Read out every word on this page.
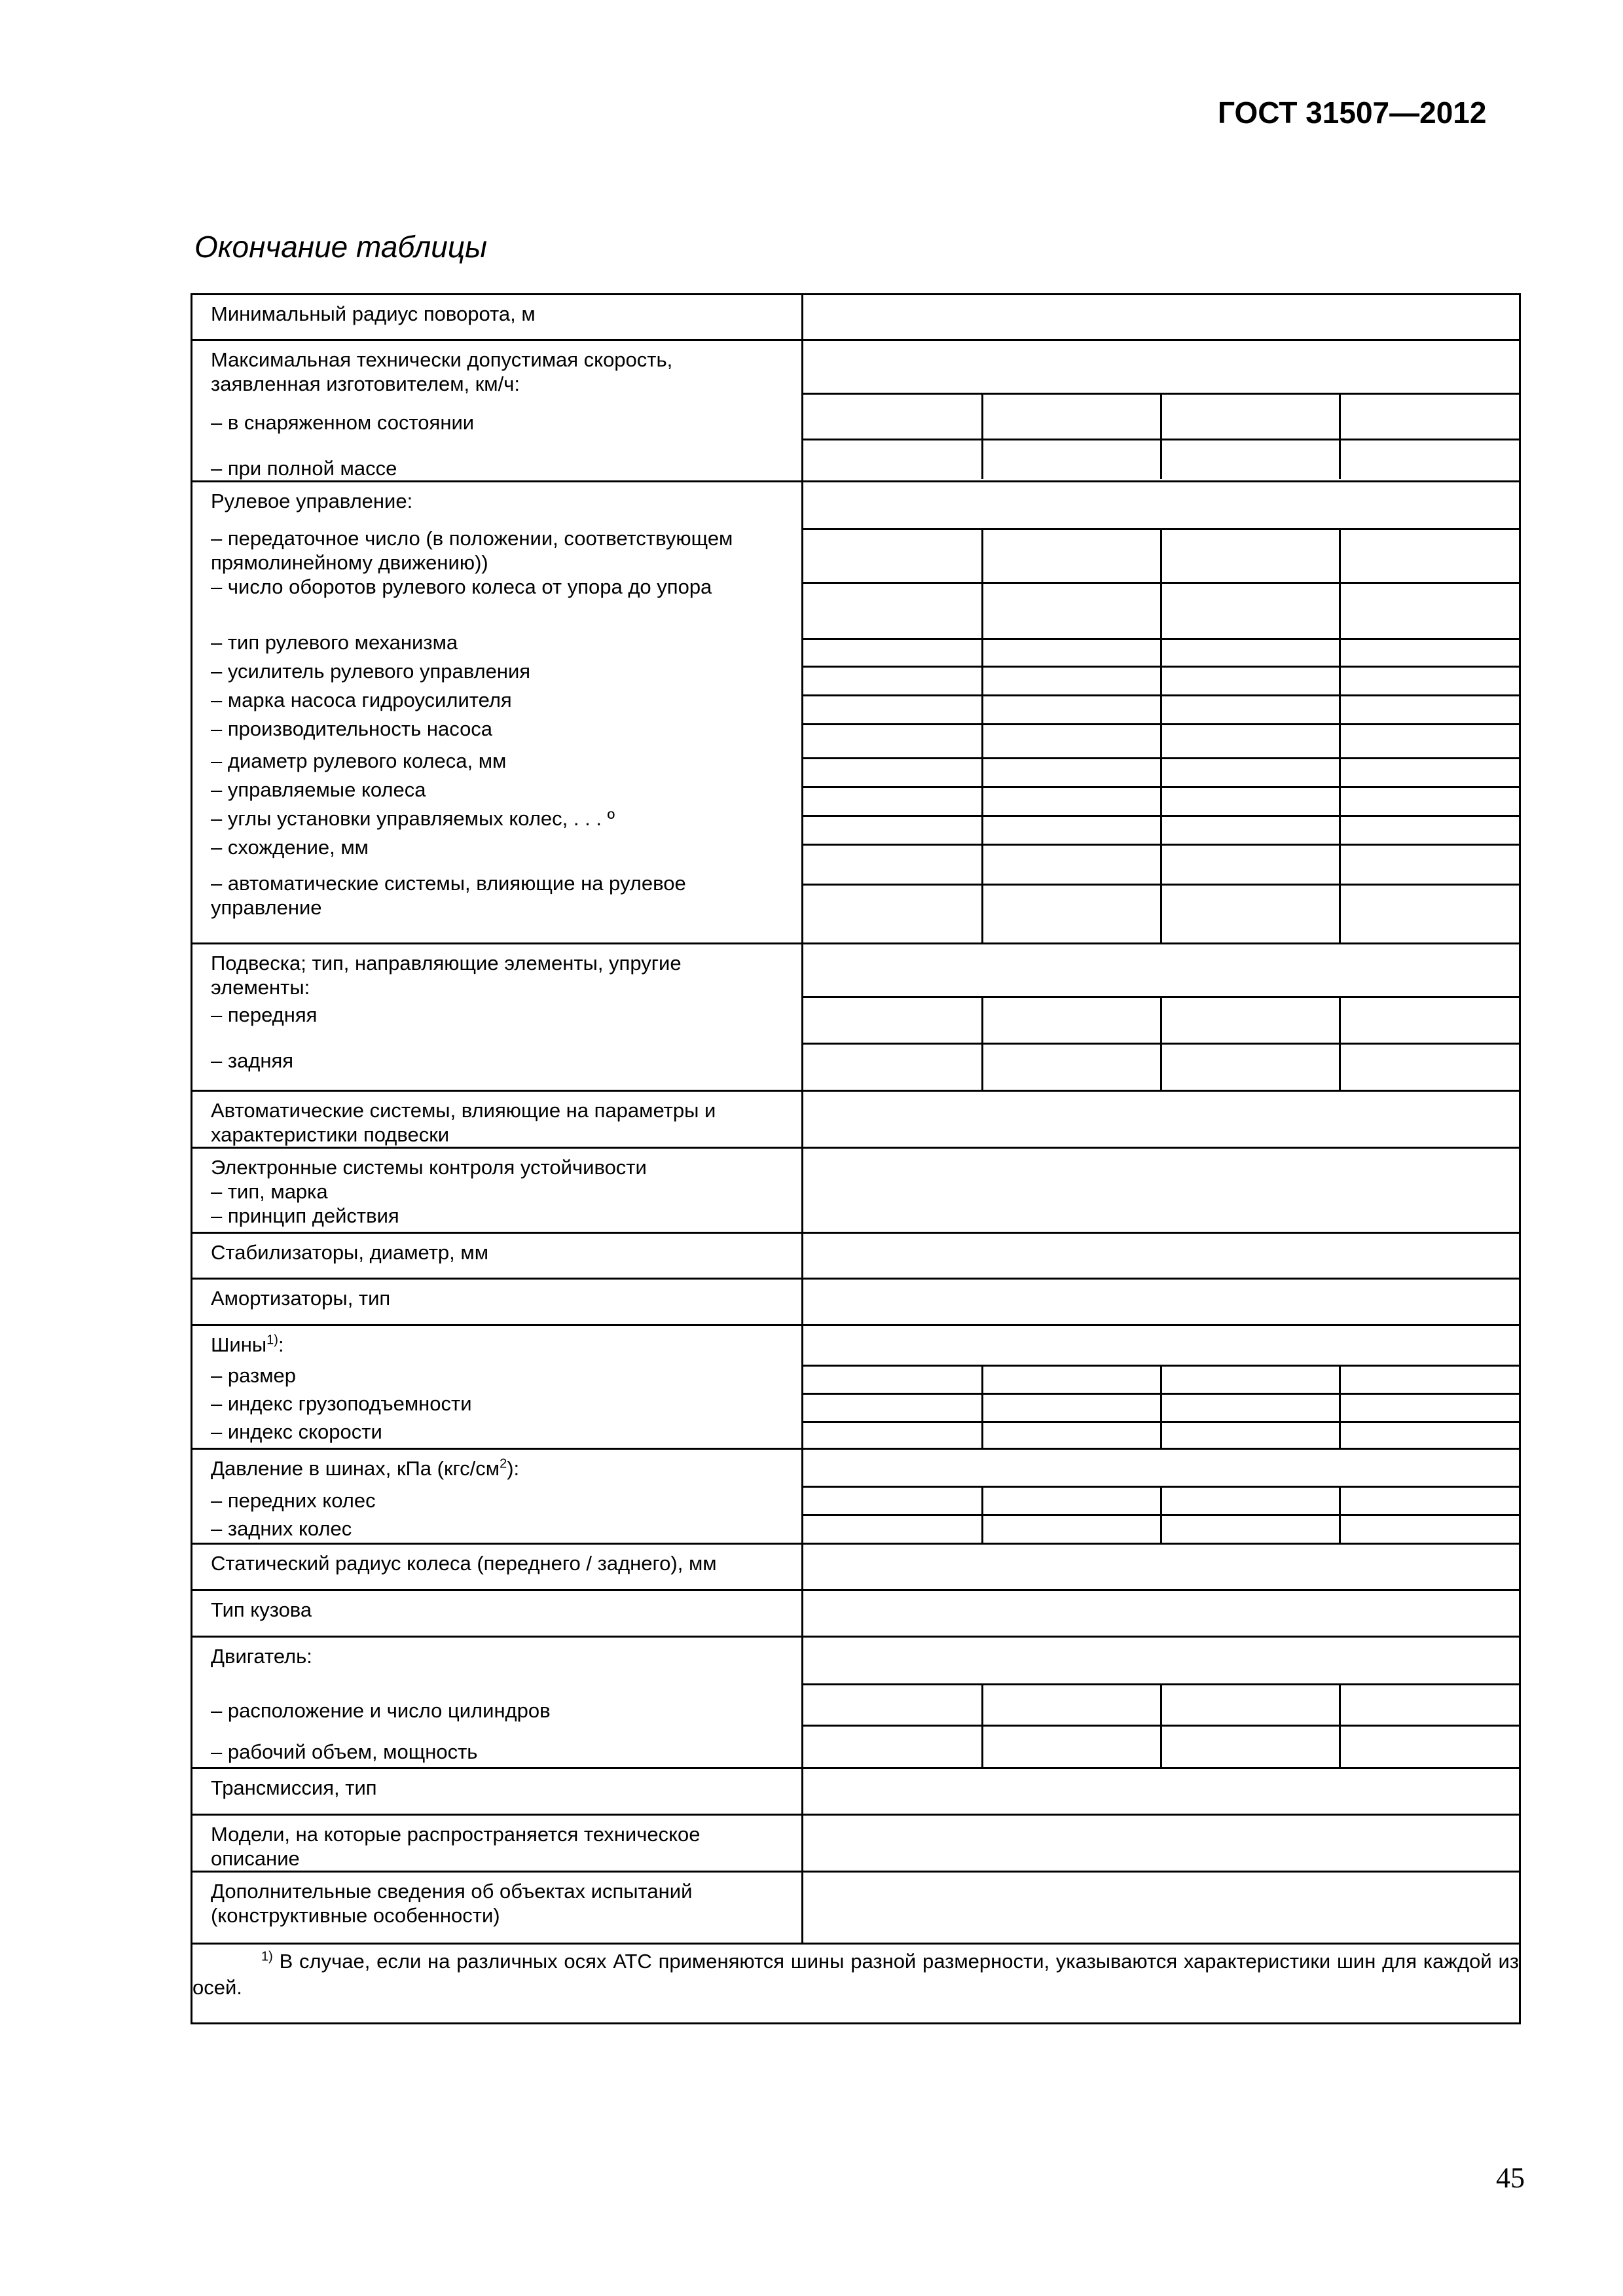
ГОСТ 31507—2012
Окончание таблицы
Минимальный радиус поворота, м	

Максимальная технически допустимая скорость,
заявленная изготовителем, км/ч:
– в снаряженном состоянии
– при полной массе

Рулевое управление:
– передаточное число (в положении, соответствующем
прямолинейному движению))
– число оборотов рулевого колеса от упора до упора
– тип рулевого механизма
– усилитель рулевого управления
– марка насоса гидроусилителя
– производительность насоса
– диаметр рулевого колеса, мм
– управляемые колеса
– углы установки управляемых колес, . . . º
– схождение, мм
– автоматические системы, влияющие на рулевое
управление

Подвеска; тип, направляющие элементы, упругие
элементы:
– передняя
– задняя

Автоматические системы, влияющие на параметры и
характеристики подвески

Электронные системы контроля устойчивости
– тип, марка
– принцип действия

Стабилизаторы, диаметр, мм	

Амортизаторы, тип	

Шины$^{1)}$:
– размер
– индекс грузоподъемности
– индекс скорости

Давление в шинах, кПа $(кгс/см^2)$:
– передних колес
– задних колес

Статический радиус колеса (переднего / заднего), мм	

Тип кузова	

Двигатель:
– расположение и число цилиндров
– рабочий объем, мощность

Трансмиссия, тип	

Модели, на которые распространяется техническое
описание

Дополнительные сведения об объектах испытаний
(конструктивные особенности)

$^{1)}$ В случае, если на различных осях АТС применяются шины разной размерности, указываются характеристики шин для каждой из осей.
45
